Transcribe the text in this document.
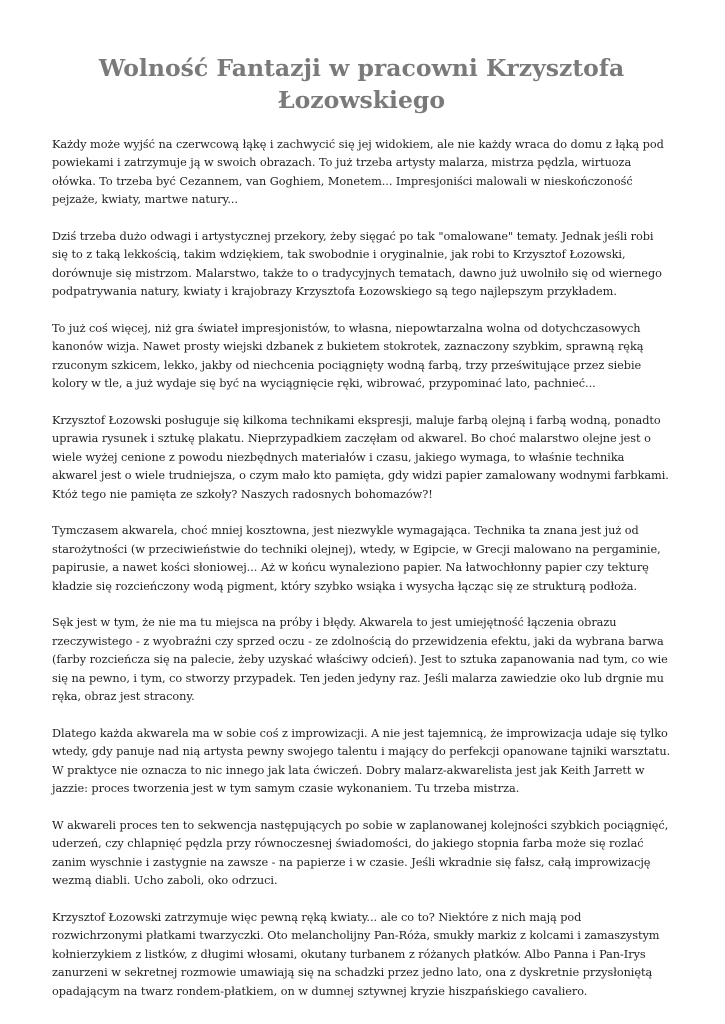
Wolność Fantazji w pracowni Krzysztofa Łozowskiego

Każdy może wyjść na czerwcową łąkę i zachwycić się jej widokiem, ale nie każdy wraca do domu z łąką pod powiekami i zatrzymuje ją w swoich obrazach. To już trzeba artysty malarza, mistrza pędzla, wirtuoza ołówka. To trzeba być Cezannem, van Goghiem, Monetem... Impresjoniści malowali w nieskończoność pejzaże, kwiaty, martwe natury...

Dziś trzeba dużo odwagi i artystycznej przekory, żeby sięgać po tak "omalowane" tematy. Jednak jeśli robi się to z taką lekkością, takim wdziękiem, tak swobodnie i oryginalnie, jak robi to Krzysztof Łozowski, dorównuje się mistrzom. Malarstwo, także to o tradycyjnych tematach, dawno już uwolniło się od wiernego podpatrywania natury, kwiaty i krajobrazy Krzysztofa Łozowskiego są tego najlepszym przykładem.

To już coś więcej, niż gra świateł impresjonistów, to własna, niepowtarzalna wolna od dotychczasowych kanonów wizja. Nawet prosty wiejski dzbanek z bukietem stokrotek, zaznaczony szybkim, sprawną ręką rzuconym szkicem, lekko, jakby od niechcenia pociągnięty wodną farbą, trzy prześwitujące przez siebie kolory w tle, a już wydaje się być na wyciągnięcie ręki, wibrować, przypominać lato, pachnieć...

Krzysztof Łozowski posługuje się kilkoma technikami ekspresji, maluje farbą olejną i farbą wodną, ponadto uprawia rysunek i sztukę plakatu. Nieprzypadkiem zaczęłam od akwarel. Bo choć malarstwo olejne jest o wiele wyżej cenione z powodu niezbędnych materiałów i czasu, jakiego wymaga, to właśnie technika akwarel jest o wiele trudniejsza, o czym mało kto pamięta, gdy widzi papier zamalowany wodnymi farbkami. Któż tego nie pamięta ze szkoły? Naszych radosnych bohomazów?!

Tymczasem akwarela, choć mniej kosztowna, jest niezwykle wymagająca. Technika ta znana jest już od starożytności (w przeciwieństwie do techniki olejnej), wtedy, w Egipcie, w Grecji malowano na pergaminie, papirusie, a nawet kości słoniowej... Aż w końcu wynaleziono papier. Na łatwochłonny papier czy tekturę kładzie się rozcieńczony wodą pigment, który szybko wsiąka i wysycha łącząc się ze strukturą podłoża.

Sęk jest w tym, że nie ma tu miejsca na próby i błędy. Akwarela to jest umiejętność łączenia obrazu rzeczywistego - z wyobraźni czy sprzed oczu - ze zdolnością do przewidzenia efektu, jaki da wybrana barwa (farby rozcieńcza się na palecie, żeby uzyskać właściwy odcień). Jest to sztuka zapanowania nad tym, co wie się na pewno, i tym, co stworzy przypadek. Ten jeden jedyny raz. Jeśli malarza zawiedzie oko lub drgnie mu ręka, obraz jest stracony.

Dlatego każda akwarela ma w sobie coś z improwizacji. A nie jest tajemnicą, że improwizacja udaje się tylko wtedy, gdy panuje nad nią artysta pewny swojego talentu i mający do perfekcji opanowane tajniki warsztatu. W praktyce nie oznacza to nic innego jak lata ćwiczeń. Dobry malarz-akwarelista jest jak Keith Jarrett w jazzie: proces tworzenia jest w tym samym czasie wykonaniem. Tu trzeba mistrza.

W akwareli proces ten to sekwencja następujących po sobie w zaplanowanej kolejności szybkich pociągnięć, uderzeń, czy chlapnięć pędzla przy równoczesnej świadomości, do jakiego stopnia farba może się rozlać zanim wyschnie i zastygnie na zawsze - na papierze i w czasie. Jeśli wkradnie się fałsz, całą improwizację wezmą diabli. Ucho zaboli, oko odrzuci.

Krzysztof Łozowski zatrzymuje więc pewną ręką kwiaty... ale co to? Niektóre z nich mają pod rozwichrzonymi płatkami twarzyczki. Oto melancholijny Pan-Róża, smukły markiz z kolcami i zamaszystym kołnierzykiem z listków, z długimi włosami, okutany turbanem z różanych płatków. Albo Panna i Pan-Irys zanurzeni w sekretnej rozmowie umawiają się na schadzki przez jedno lato, ona z dyskretnie przysłoniętą opadającym na twarz rondem-płatkiem, on w dumnej sztywnej kryzie hiszpańskiego cavaliero.
